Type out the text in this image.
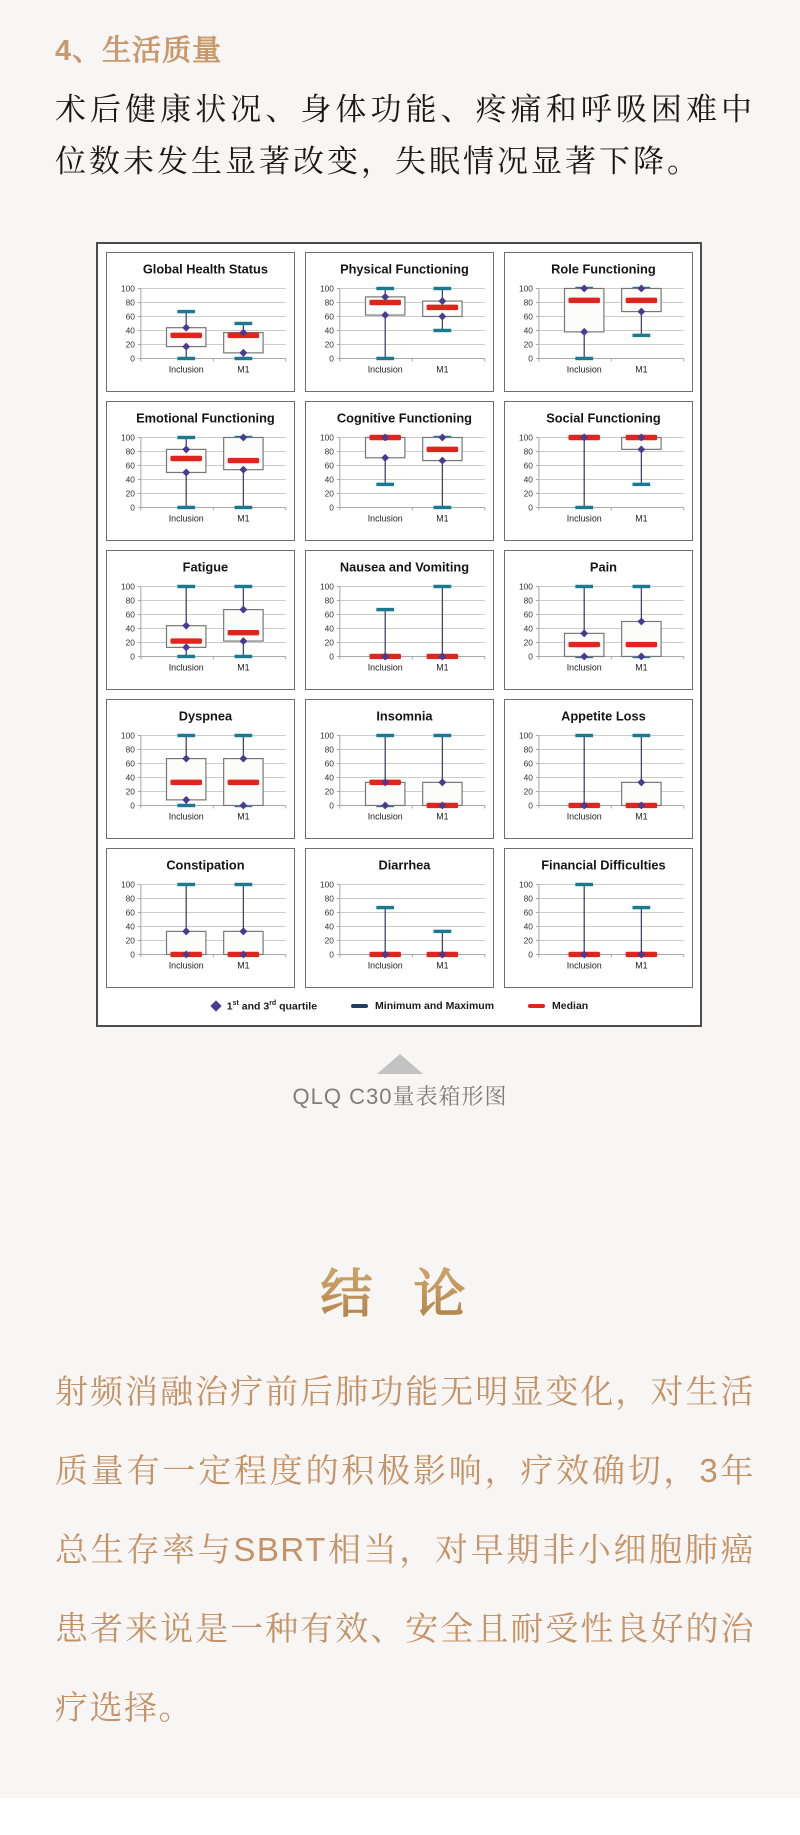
4、生活质量

术后健康状况、身体功能、疼痛和呼吸困难中位数未发生显著改变，失眠情况显著下降。

Global Health Status
0
20
40
60
80
100
Inclusion	M1
Physical Functioning
0
20
40
60
80
100
Inclusion	M1
Role Functioning
0
20
40
60
80
100
Inclusion	M1
Emotional Functioning
0
20
40
60
80
100
Inclusion	M1
Cognitive Functioning
0
20
40
60
80
100
Inclusion	M1
Social Functioning
0
20
40
60
80
100
Inclusion	M1
Fatigue
0
20
40
60
80
100
Inclusion	M1
Nausea and Vomiting
0
20
40
60
80
100
Inclusion	M1
Pain
0
20
40
60
80
100
Inclusion	M1
Dyspnea
0
20
40
60
80
100
Inclusion	M1
Insomnia
0
20
40
60
80
100
Inclusion	M1
Appetite Loss
0
20
40
60
80
100
Inclusion	M1
Constipation
0
20
40
60
80
100
Inclusion	M1
Diarrhea
0
20
40
60
80
100
Inclusion	M1
Financial Difficulties
0
20
40
60
80
100
Inclusion	M1
1st and 3rd quartile	Minimum and Maximum	Median

QLQ C30量表箱形图

结 论

射频消融治疗前后肺功能无明显变化，对生活质量有一定程度的积极影响，疗效确切，3年总生存率与SBRT相当，对早期非小细胞肺癌患者来说是一种有效、安全且耐受性良好的治疗选择。
